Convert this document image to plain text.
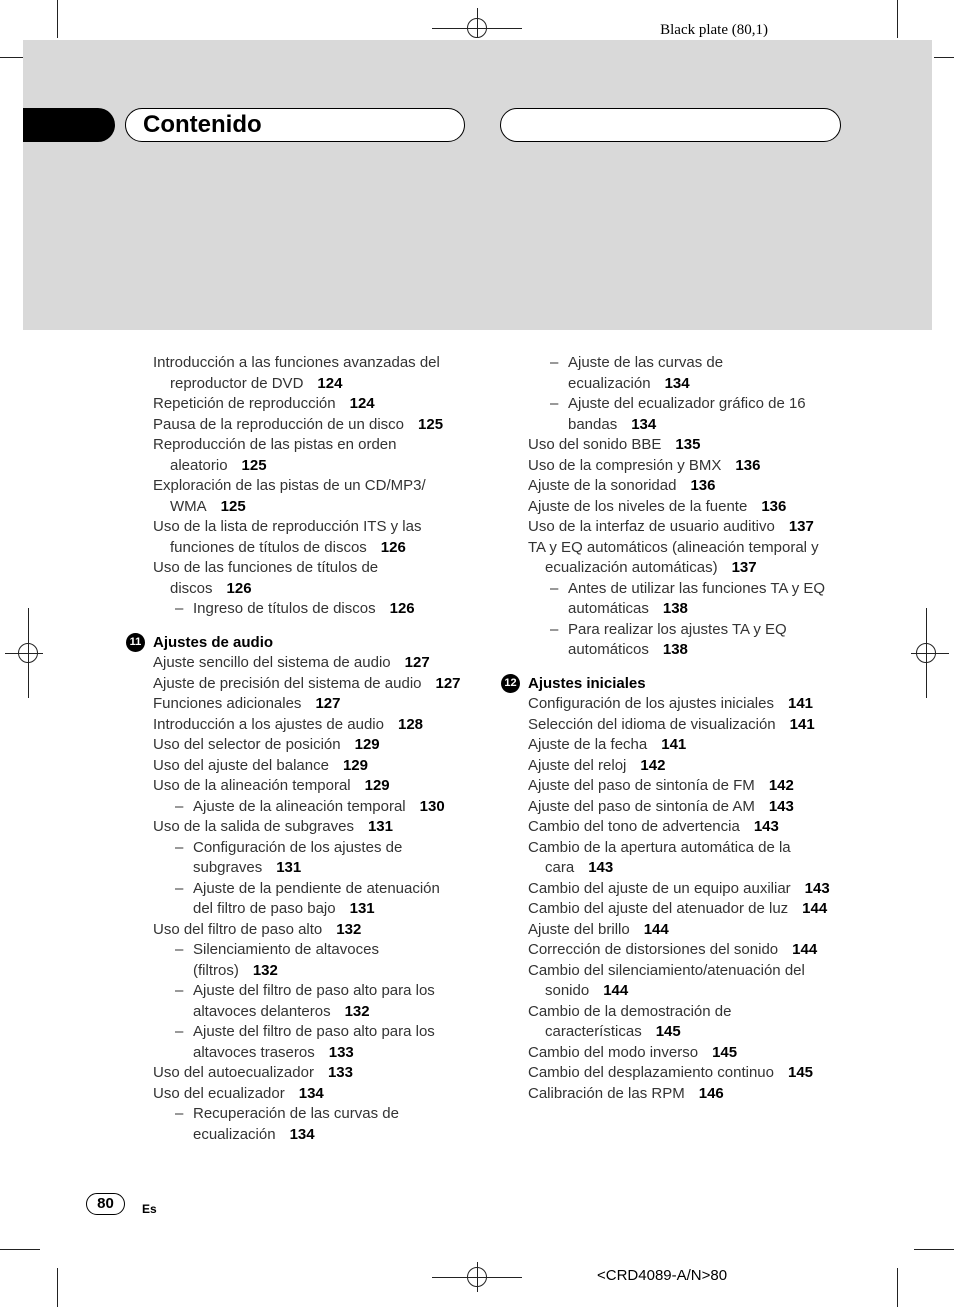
Black plate (80,1)
Contenido
Introducción a las funciones avanzadas del reproductor de DVD 124
Repetición de reproducción 124
Pausa de la reproducción de un disco 125
Reproducción de las pistas en orden aleatorio 125
Exploración de las pistas de un CD/MP3/ WMA 125
Uso de la lista de reproducción ITS y las funciones de títulos de discos 126
Uso de las funciones de títulos de discos 126
– Ingreso de títulos de discos 126
11 Ajustes de audio
Ajuste sencillo del sistema de audio 127
Ajuste de precisión del sistema de audio 127
Funciones adicionales 127
Introducción a los ajustes de audio 128
Uso del selector de posición 129
Uso del ajuste del balance 129
Uso de la alineación temporal 129
– Ajuste de la alineación temporal 130
Uso de la salida de subgraves 131
– Configuración de los ajustes de subgraves 131
– Ajuste de la pendiente de atenuación del filtro de paso bajo 131
Uso del filtro de paso alto 132
– Silenciamiento de altavoces (filtros) 132
– Ajuste del filtro de paso alto para los altavoces delanteros 132
– Ajuste del filtro de paso alto para los altavoces traseros 133
Uso del autoecualizador 133
Uso del ecualizador 134
– Recuperación de las curvas de ecualización 134
– Ajuste de las curvas de ecualización 134
– Ajuste del ecualizador gráfico de 16 bandas 134
Uso del sonido BBE 135
Uso de la compresión y BMX 136
Ajuste de la sonoridad 136
Ajuste de los niveles de la fuente 136
Uso de la interfaz de usuario auditivo 137
TA y EQ automáticos (alineación temporal y ecualización automáticas) 137
– Antes de utilizar las funciones TA y EQ automáticas 138
– Para realizar los ajustes TA y EQ automáticos 138
12 Ajustes iniciales
Configuración de los ajustes iniciales 141
Selección del idioma de visualización 141
Ajuste de la fecha 141
Ajuste del reloj 142
Ajuste del paso de sintonía de FM 142
Ajuste del paso de sintonía de AM 143
Cambio del tono de advertencia 143
Cambio de la apertura automática de la cara 143
Cambio del ajuste de un equipo auxiliar 143
Cambio del ajuste del atenuador de luz 144
Ajuste del brillo 144
Corrección de distorsiones del sonido 144
Cambio del silenciamiento/atenuación del sonido 144
Cambio de la demostración de características 145
Cambio del modo inverso 145
Cambio del desplazamiento continuo 145
Calibración de las RPM 146
80	Es
<CRD4089-A/N>80
